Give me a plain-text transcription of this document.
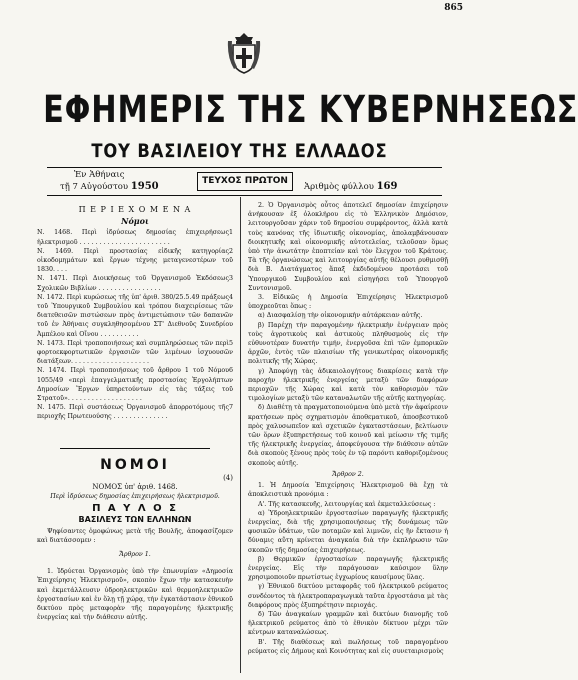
865
ΕΦΗΜΕΡΙΣ ΤΗΣ ΚΥΒΕΡΝΗΣΕΩΣ
ΤΟΥ ΒΑΣΙΛΕΙΟΥ ΤΗΣ ΕΛΛΑΔΟΣ
Ἐν Ἀθήναις
τῇ 7 Αὐγούστου 1950	ΤΕΥΧΟΣ ΠΡΩΤΟΝ
Ἀριθμὸς φύλλου 169

Π Ε Ρ Ι Ε Χ Ο Μ Ε Ν Α

Νόμοι

1
Ν. 1468. Περὶ ἱδρύσεως δημοσίας ἐπιχειρήσεως ἠλεκτρισμοῦ . . . . . . . . . . . . . . . . . . . . . . .

2
Ν. 1469. Περὶ προστασίας εἰδικῆς κατηγορίας οἰκοδομημάτων καὶ ἔργων τέχνης μεταγενεστέρων τοῦ 1830. . . .

3
Ν. 1471. Περὶ Διοικήσεως τοῦ Ὀργανισμοῦ Ἐκδόσεως Σχολικῶν Βιβλίων . . . . . . . . . . . . . . . .

4
Ν. 1472. Περὶ κυρώσεως τῆς ὑπ' ἀριθ. 380/25.5.49 πράξεως τοῦ Ὑπουργικοῦ Συμβουλίου καὶ τρόπου διαχειρίσεως τῶν διατεθεισῶν πιστώσεων πρὸς ἀντιμετώπισιν τῶν δαπανῶν τοῦ ἐν Ἀθήναις συγκληθησομένου ΣΤ' Διεθνοῦς Συνεδρίου Ἀμπέλου καὶ Οἴνου . . . . . . . . . .

5
Ν. 1473. Περὶ τροποποιήσεως καὶ συμπληρώσεως τῶν περὶ φορτοεκφορτωτικῶν ἐργασιῶν τῶν λιμένων ἰσχυουσῶν διατάξεων. . . . . . . . . . . . . . . . . . . .

6
Ν. 1474. Περὶ τροποποιήσεως τοῦ ἄρθρου 1 τοῦ Νόμου 1055/49 «περὶ ἐπαγγελματικῆς προστασίας Ἐργολήπτων Δημοσίων Ἔργων ὑπηρετούντων εἰς τὰς τάξεις τοῦ Στρατοῦ». . . . . . . . . . . . . . . . . . .

7
Ν. 1475. Περὶ συστάσεως Ὀργανισμοῦ ἀπορροτόμους τῆς περιοχῆς Πρωτευούσης . . . . . . . . . . . . . .

ΝΟΜΟΙ

(4)

ΝΟΜΟΣ ὑπ' ἀριθ. 1468.

Περὶ ἱδρύσεως δημοσίας ἐπιχειρήσεως ἠλεκτρισμοῦ.

Π Α Υ Λ Ο Σ

ΒΑΣΙΛΕΥΣ ΤΩΝ ΕΛΛΗΝΩΝ

Ψηφίσαντες ὁμοφώνως μετὰ τῆς Βουλῆς, ἀποφασίζομεν καὶ διατάσσομεν :

Ἄρθρον 1.

1. Ἱδρύεται Ὀργανισμὸς ὑπὸ τὴν ἐπωνυμίαν «Δημοσία Ἐπιχείρησις Ἠλεκτρισμοῦ», σκοπὸν ἔχων τὴν κατασκευὴν καὶ ἐκμετάλλευσιν ὑδροηλεκτρικῶν καὶ θερμοηλεκτρικῶν ἐργοστασίων καὶ ἐν ὅλῃ τῇ χώρᾳ, τὴν ἐγκατάστασιν ἐθνικοῦ δικτύου πρὸς μεταφορὰν τῆς παραγομένης ἠλεκτρικῆς ἐνεργείας καὶ τὴν διάθεσιν αὐτῆς.

2. Ὁ Ὀργανισμὸς οὗτος ἀποτελεῖ δημοσίαν ἐπιχείρησιν ἀνήκουσαν ἐξ ὁλοκλήρου εἰς τὸ Ἑλληνικὸν Δημόσιον, λειτουργοῦσαν χάριν τοῦ δημοσίου συμφέροντος, ἀλλὰ κατὰ τοὺς κανόνας τῆς ἰδιωτικῆς οἰκονομίας, ἀπολαμβάνουσαν διοικητικῆς καὶ οἰκονομικῆς αὐτοτελείας, τελοῦσαν ὅμως ὑπὸ τὴν ἀνωτάτην ἐποπτείαν καὶ τὸν ἔλεγχον τοῦ Κράτους. Τὰ τῆς ὀργανώσεως καὶ λειτουργίας αὐτῆς θέλουσι ρυθμισθῇ διὰ Β. Διατάγματος ἅπαξ ἐκδιδομένου προτάσει τοῦ Ὑπουργικοῦ Συμβουλίου καὶ εἰσηγήσει τοῦ Ὑπουργοῦ Συντονισμοῦ.

3. Εἰδικῶς ἡ Δημοσία Ἐπιχείρησις Ἠλεκτρισμοῦ ὑποχρεοῦται ὅπως :

α) Διασφαλίσῃ τὴν οἰκονομικὴν αὐτάρκειαν αὐτῆς.

β) Παρέχῃ τὴν παραγομένην ἠλεκτρικὴν ἐνέργειαν πρὸς τοὺς ἀγροτικοὺς καὶ ἀστικοὺς πληθυσμοὺς εἰς τὴν εὐθυνοτέραν δυνατὴν τιμήν, ἐνεργοῦσα ἐπὶ τῶν ἐμπορικῶν ἀρχῶν, ἐντὸς τῶν πλαισίων τῆς γενικωτέρας οἰκονομικῆς πολιτικῆς τῆς Χώρας.

γ) Ἀποφύγῃ τὰς ἀδικαιολογήτους διακρίσεις κατὰ τὴν παροχὴν ἠλεκτρικῆς ἐνεργείας μεταξὺ τῶν διαφόρων περιοχῶν τῆς Χώρας καὶ κατὰ τὸν καθορισμὸν τῶν τιμολογίων μεταξὺ τῶν καταναλωτῶν τῆς αὐτῆς κατηγορίας.

δ) Διαθέτῃ τὰ πραγματοποιούμενα ὑπὸ μετὰ τὴν ἀφαίρεσιν κρατήσεων πρὸς σχηματισμὸν ἀποθεματικοῦ, ἀποσβεστικοῦ πρὸς χαλυσωπεῖον καὶ σχετικῶν ἐγκαταστάσεων, βελτίωσιν τῶν ὅρων ἐξυπηρετήσεως τοῦ κοινοῦ καὶ μείωσιν τῆς τιμῆς τῆς ἠλεκτρικῆς ἐνεργείας, ἀποφεύγουσα τὴν διάθεσιν αὐτῶν διὰ σκοποὺς ξένους πρὸς τοὺς ἐν τῷ παρόντι καθοριζομένους σκοποὺς αὐτῆς.

Ἄρθρον 2.

1. Ἡ Δημοσία Ἐπιχείρησις Ἠλεκτρισμοῦ θὰ ἔχῃ τὰ ἀποκλειστικὰ προνόμια :

Α'. Τῆς κατασκευῆς, λειτουργίας καὶ ἐκμεταλλεύσεως :

α) Ὑδροηλεκτρικῶν ἐργοστασίων παραγωγῆς ἠλεκτρικῆς ἐνεργείας, διὰ τῆς χρησιμοποιήσεως τῆς δυνάμεως τῶν φυσικῶν ὑδάτων, τῶν ποταμῶν καὶ λιμνῶν, εἰς ἣν ἔκτασιν ἡ δύναμις αὕτη κρίνεται ἀναγκαία διὰ τὴν ἐκπλήρωσιν τῶν σκοπῶν τῆς δημοσίας ἐπιχειρήσεως.

β) Θερμικῶν ἐργοστασίων παραγωγῆς ἠλεκτρικῆς ἐνεργείας. Εἰς τὴν παράγουσαν καύσιμον ὕλην χρησιμοποιοῦν πρωτίστως ἐγχωρίους καυσίμους ὕλας.

γ) Ἐθνικοῦ δικτύου μεταφορᾶς τοῦ ἠλεκτρικοῦ ρεύματος συνδέοντος τὰ ἠλεκτροπαραγωγικὰ ταῦτα ἐργοστάσια μὲ τὰς διαφόρους πρὸς ἐξυπηρέτησιν περιοχάς.

δ) Τῶν ἀναγκαίων γραμμῶν καὶ δικτύων διανομῆς τοῦ ἠλεκτρικοῦ ρεύματος ἀπὸ τὸ ἐθνικὸν δίκτυον μέχρι τῶν κέντρων καταναλώσεως.

Β'. Τῆς διαθέσεως καὶ πωλήσεως τοῦ παραγομένου ρεύματος εἰς Δήμους καὶ Κοινότητας καὶ εἰς συνεταιρισμοὺς
